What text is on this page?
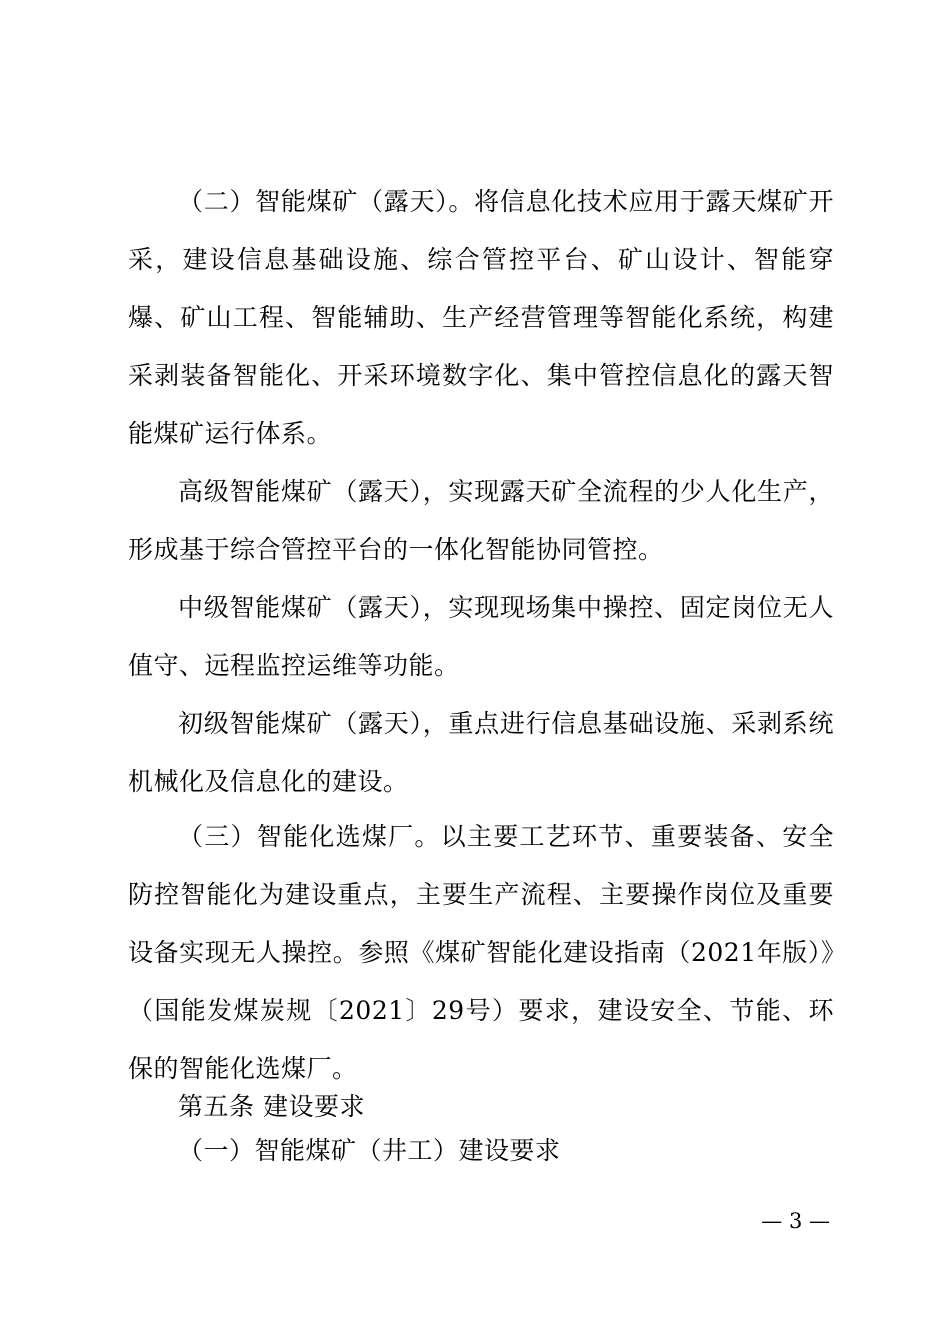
（二）智能煤矿（露天）。将信息化技术应用于露天煤矿开采，建设信息基础设施、综合管控平台、矿山设计、智能穿爆、矿山工程、智能辅助、生产经营管理等智能化系统，构建采剥装备智能化、开采环境数字化、集中管控信息化的露天智能煤矿运行体系。

高级智能煤矿（露天），实现露天矿全流程的少人化生产，形成基于综合管控平台的一体化智能协同管控。

中级智能煤矿（露天），实现现场集中操控、固定岗位无人值守、远程监控运维等功能。

初级智能煤矿（露天），重点进行信息基础设施、采剥系统机械化及信息化的建设。

（三）智能化选煤厂。以主要工艺环节、重要装备、安全防控智能化为建设重点，主要生产流程、主要操作岗位及重要设备实现无人操控。参照《煤矿智能化建设指南（2021年版）》（国能发煤炭规〔2021〕29号）要求，建设安全、节能、环保的智能化选煤厂。

第五条 建设要求
（一）智能煤矿（井工）建设要求
— 3 —
